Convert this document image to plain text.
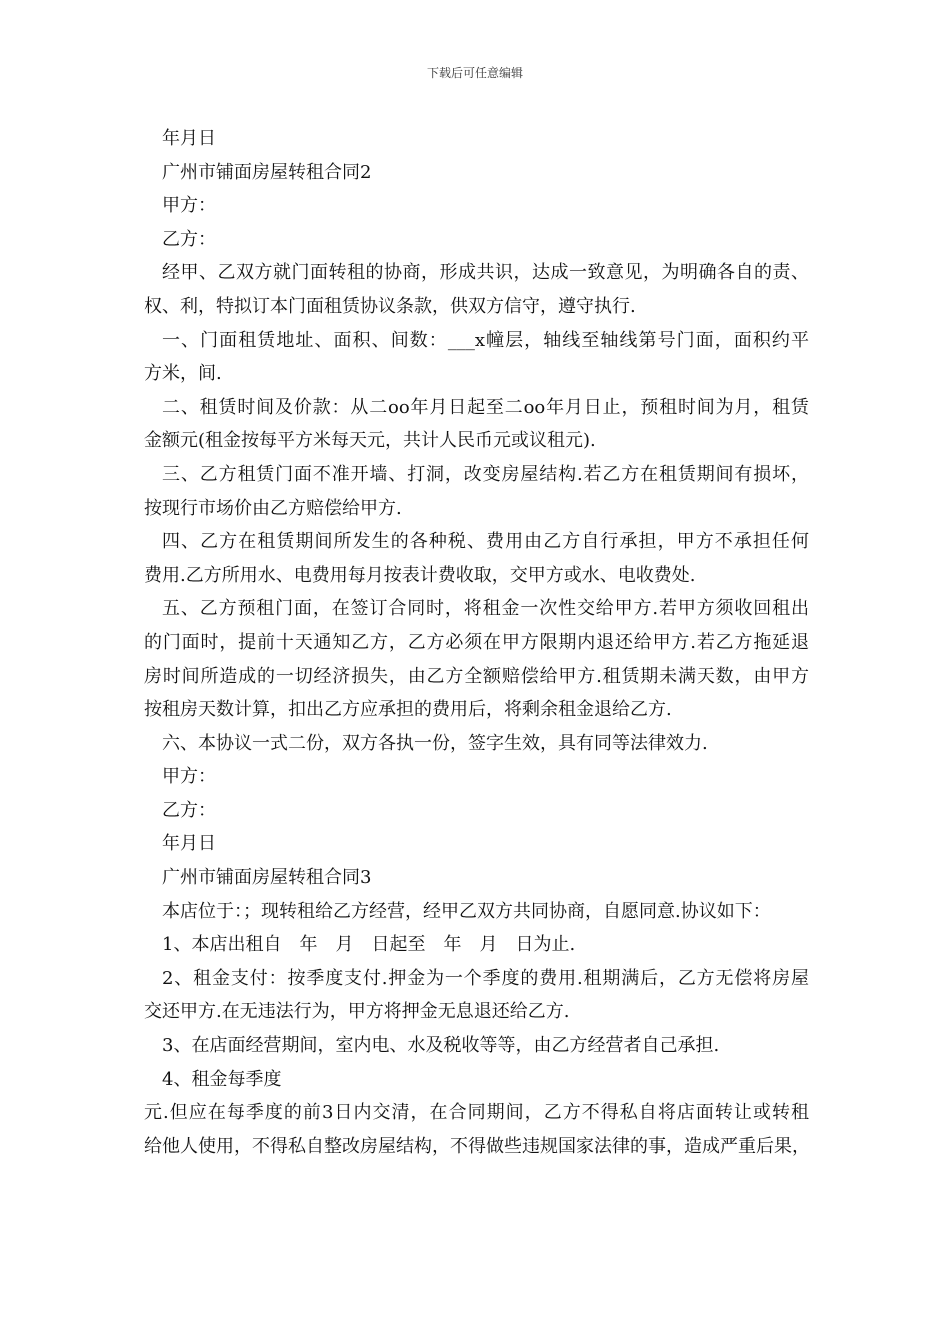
下载后可任意编辑
年月日
广州市铺面房屋转租合同2
甲方：
乙方：
经甲、乙双方就门面转租的协商，形成共识，达成一致意见，为明确各自的责、
权、利，特拟订本门面租赁协议条款，供双方信守，遵守执行.
一、门面租赁地址、面积、间数：___x幢层，轴线至轴线第号门面，面积约平
方米，间.
二、租赁时间及价款：从二oo年月日起至二oo年月日止，预租时间为月，租赁
金额元(租金按每平方米每天元，共计人民币元或议租元).
三、乙方租赁门面不准开墙、打洞，改变房屋结构.若乙方在租赁期间有损坏，
按现行市场价由乙方赔偿给甲方.
四、乙方在租赁期间所发生的各种税、费用由乙方自行承担，甲方不承担任何
费用.乙方所用水、电费用每月按表计费收取，交甲方或水、电收费处.
五、乙方预租门面，在签订合同时，将租金一次性交给甲方.若甲方须收回租出
的门面时，提前十天通知乙方，乙方必须在甲方限期内退还给甲方.若乙方拖延退
房时间所造成的一切经济损失，由乙方全额赔偿给甲方.租赁期未满天数，由甲方
按租房天数计算，扣出乙方应承担的费用后，将剩余租金退给乙方.
六、本协议一式二份，双方各执一份，签字生效，具有同等法律效力.
甲方：
乙方：
年月日
广州市铺面房屋转租合同3
本店位于：；现转租给乙方经营，经甲乙双方共同协商，自愿同意.协议如下：
1、本店出租自　年　月　日起至　年　月　日为止.
2、租金支付：按季度支付.押金为一个季度的费用.租期满后，乙方无偿将房屋
交还甲方.在无违法行为，甲方将押金无息退还给乙方.
3、在店面经营期间，室内电、水及税收等等，由乙方经营者自己承担.
4、租金每季度
元.但应在每季度的前3日内交清，在合同期间，乙方不得私自将店面转让或转租
给他人使用，不得私自整改房屋结构，不得做些违规国家法律的事，造成严重后果，
